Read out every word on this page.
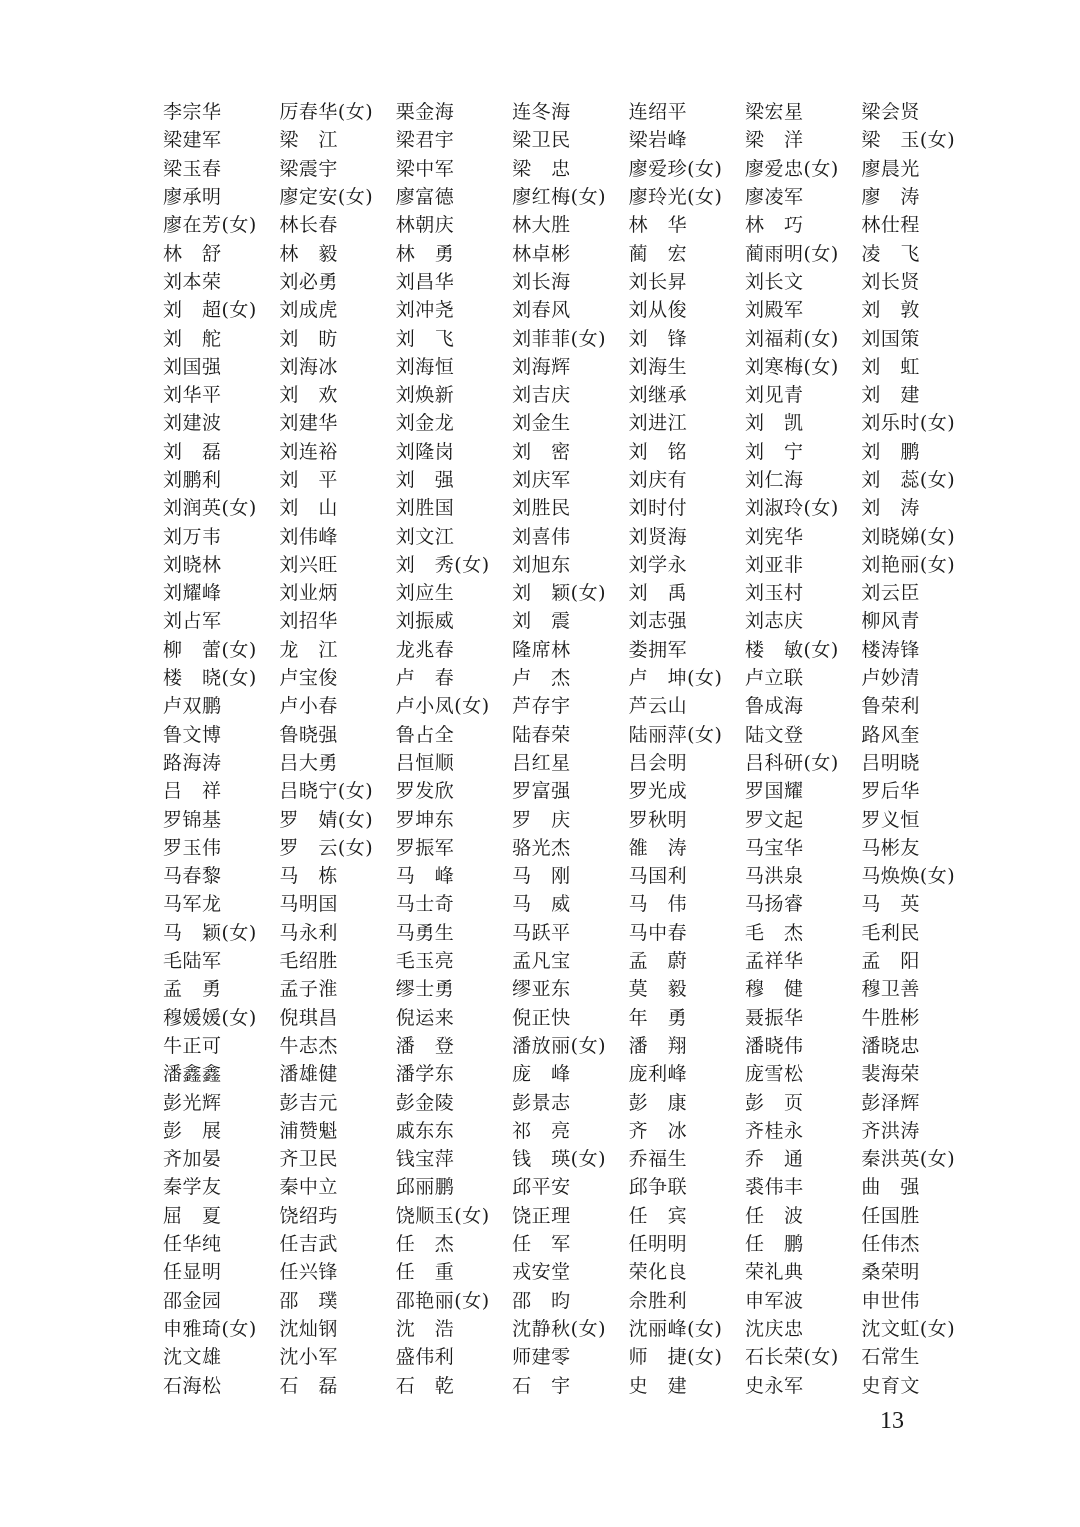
李宗华	厉春华(女)	栗金海	连冬海	连绍平	梁宏星	梁会贤
梁建军	梁　江	梁君宇	梁卫民	梁岩峰	梁　洋	梁　玉(女)
梁玉春	梁震宇	梁中军	梁　忠	廖爱珍(女)	廖爱忠(女)	廖晨光
廖承明	廖定安(女)	廖富德	廖红梅(女)	廖玲光(女)	廖凌军	廖　涛
廖在芳(女)	林长春	林朝庆	林大胜	林　华	林　巧	林仕程
林　舒	林　毅	林　勇	林卓彬	蔺　宏	蔺雨明(女)	凌　飞
刘本荣	刘必勇	刘昌华	刘长海	刘长昇	刘长文	刘长贤
刘　超(女)	刘成虎	刘冲尧	刘春风	刘从俊	刘殿军	刘　敦
刘　舵	刘　昉	刘　飞	刘菲菲(女)	刘　锋	刘福莉(女)	刘国策
刘国强	刘海冰	刘海恒	刘海辉	刘海生	刘寒梅(女)	刘　虹
刘华平	刘　欢	刘焕新	刘吉庆	刘继承	刘见青	刘　建
刘建波	刘建华	刘金龙	刘金生	刘进江	刘　凯	刘乐时(女)
刘　磊	刘连裕	刘隆岗	刘　密	刘　铭	刘　宁	刘　鹏
刘鹏利	刘　平	刘　强	刘庆军	刘庆有	刘仁海	刘　蕊(女)
刘润英(女)	刘　山	刘胜国	刘胜民	刘时付	刘淑玲(女)	刘　涛
刘万韦	刘伟峰	刘文江	刘喜伟	刘贤海	刘宪华	刘晓娣(女)
刘晓林	刘兴旺	刘　秀(女)	刘旭东	刘学永	刘亚非	刘艳丽(女)
刘耀峰	刘业炳	刘应生	刘　颖(女)	刘　禹	刘玉村	刘云臣
刘占军	刘招华	刘振威	刘　震	刘志强	刘志庆	柳风青
柳　蕾(女)	龙　江	龙兆春	隆席林	娄拥军	楼　敏(女)	楼涛锋
楼　晓(女)	卢宝俊	卢　春	卢　杰	卢　坤(女)	卢立联	卢妙清
卢双鹏	卢小春	卢小凤(女)	芦存宇	芦云山	鲁成海	鲁荣利
鲁文博	鲁晓强	鲁占全	陆春荣	陆丽萍(女)	陆文登	路风奎
路海涛	吕大勇	吕恒顺	吕红星	吕会明	吕科研(女)	吕明晓
吕　祥	吕晓宁(女)	罗发欣	罗富强	罗光成	罗国耀	罗后华
罗锦基	罗　婧(女)	罗坤东	罗　庆	罗秋明	罗文起	罗义恒
罗玉伟	罗　云(女)	罗振军	骆光杰	雒　涛	马宝华	马彬友
马春黎	马　栋	马　峰	马　刚	马国利	马洪泉	马焕焕(女)
马军龙	马明国	马士奇	马　威	马　伟	马扬睿	马　英
马　颖(女)	马永利	马勇生	马跃平	马中春	毛　杰	毛利民
毛陆军	毛绍胜	毛玉亮	孟凡宝	孟　蔚	孟祥华	孟　阳
孟　勇	孟子淮	缪士勇	缪亚东	莫　毅	穆　健	穆卫善
穆媛媛(女)	倪琪昌	倪运来	倪正快	年　勇	聂振华	牛胜彬
牛正可	牛志杰	潘　登	潘放丽(女)	潘　翔	潘晓伟	潘晓忠
潘鑫鑫	潘雄健	潘学东	庞　峰	庞利峰	庞雪松	裴海荣
彭光辉	彭吉元	彭金陵	彭景志	彭　康	彭　页	彭泽辉
彭　展	浦赞魁	戚东东	祁　亮	齐　冰	齐桂永	齐洪涛
齐加晏	齐卫民	钱宝萍	钱　瑛(女)	乔福生	乔　通	秦洪英(女)
秦学友	秦中立	邱丽鹏	邱平安	邱争联	裘伟丰	曲　强
屈　夏	饶绍玙	饶顺玉(女)	饶正理	任　宾	任　波	任国胜
任华纯	任吉武	任　杰	任　军	任明明	任　鹏	任伟杰
任显明	任兴锋	任　重	戎安堂	荣化良	荣礼典	桑荣明
邵金园	邵　璞	邵艳丽(女)	邵　昀	佘胜利	申军波	申世伟
申雅琦(女)	沈灿钢	沈　浩	沈静秋(女)	沈丽峰(女)	沈庆忠	沈文虹(女)
沈文雄	沈小军	盛伟利	师建零	师　捷(女)	石长荣(女)	石常生
石海松	石　磊	石　乾	石　宇	史　建	史永军	史育文
13
